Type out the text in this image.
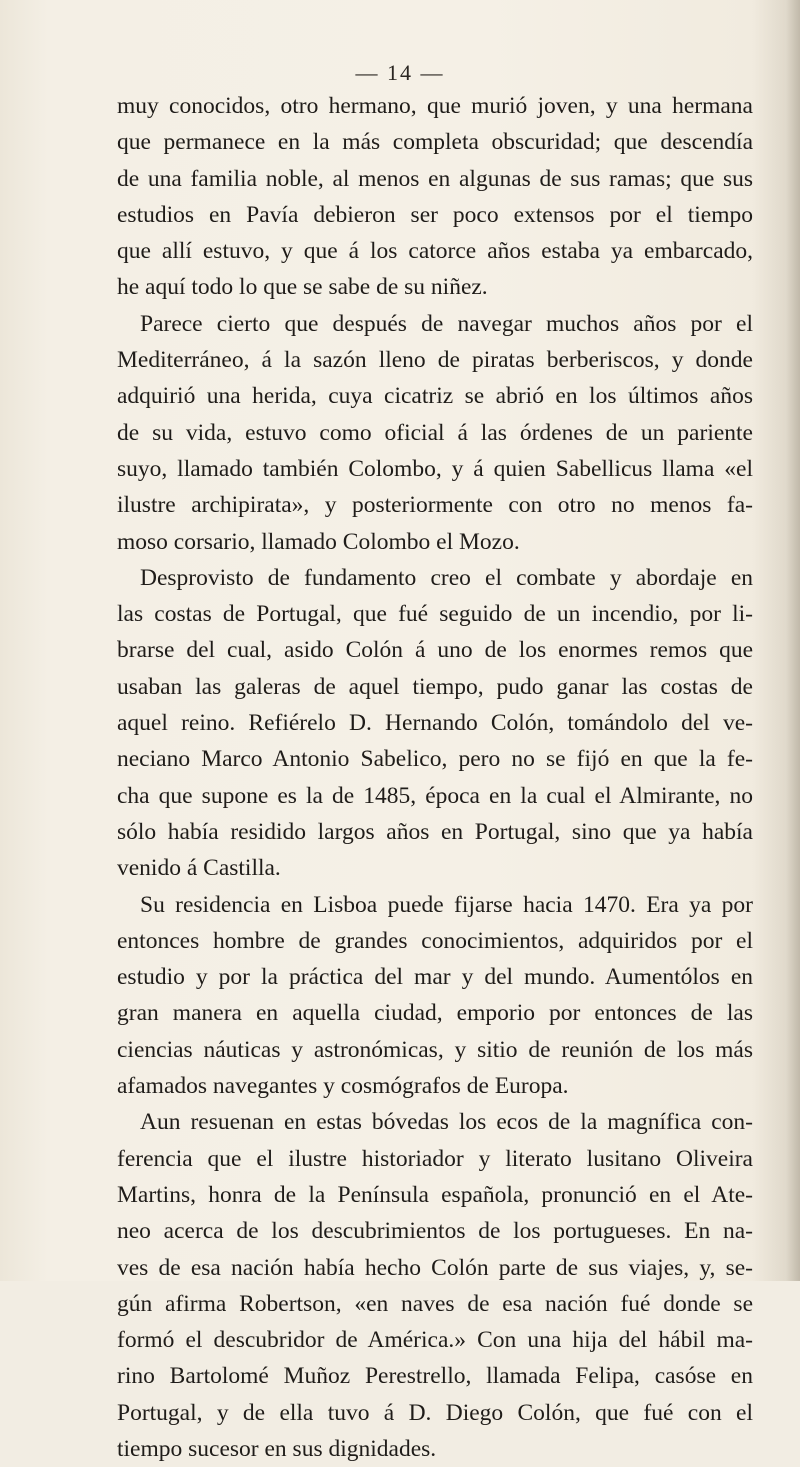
— 14 —
muy conocidos, otro hermano, que murió joven, y una hermana
que permanece en la más completa obscuridad; que descendía
de una familia noble, al menos en algunas de sus ramas; que sus
estudios en Pavía debieron ser poco extensos por el tiempo
que allí estuvo, y que á los catorce años estaba ya embarcado,
he aquí todo lo que se sabe de su niñez.
Parece cierto que después de navegar muchos años por el
Mediterráneo, á la sazón lleno de piratas berberiscos, y donde
adquirió una herida, cuya cicatriz se abrió en los últimos años
de su vida, estuvo como oficial á las órdenes de un pariente
suyo, llamado también Colombo, y á quien Sabellicus llama «el
ilustre archipirata», y posteriormente con otro no menos fa-
moso corsario, llamado Colombo el Mozo.
Desprovisto de fundamento creo el combate y abordaje en
las costas de Portugal, que fué seguido de un incendio, por li-
brarse del cual, asido Colón á uno de los enormes remos que
usaban las galeras de aquel tiempo, pudo ganar las costas de
aquel reino. Refiérelo D. Hernando Colón, tomándolo del ve-
neciano Marco Antonio Sabelico, pero no se fijó en que la fe-
cha que supone es la de 1485, época en la cual el Almirante, no
sólo había residido largos años en Portugal, sino que ya había
venido á Castilla.
Su residencia en Lisboa puede fijarse hacia 1470. Era ya por
entonces hombre de grandes conocimientos, adquiridos por el
estudio y por la práctica del mar y del mundo. Aumentólos en
gran manera en aquella ciudad, emporio por entonces de las
ciencias náuticas y astronómicas, y sitio de reunión de los más
afamados navegantes y cosmógrafos de Europa.
Aun resuenan en estas bóvedas los ecos de la magnífica con-
ferencia que el ilustre historiador y literato lusitano Oliveira
Martins, honra de la Península española, pronunció en el Ate-
neo acerca de los descubrimientos de los portugueses. En na-
ves de esa nación había hecho Colón parte de sus viajes, y, se-
gún afirma Robertson, «en naves de esa nación fué donde se
formó el descubridor de América.» Con una hija del hábil ma-
rino Bartolomé Muñoz Perestrello, llamada Felipa, casóse en
Portugal, y de ella tuvo á D. Diego Colón, que fué con el
tiempo sucesor en sus dignidades.
